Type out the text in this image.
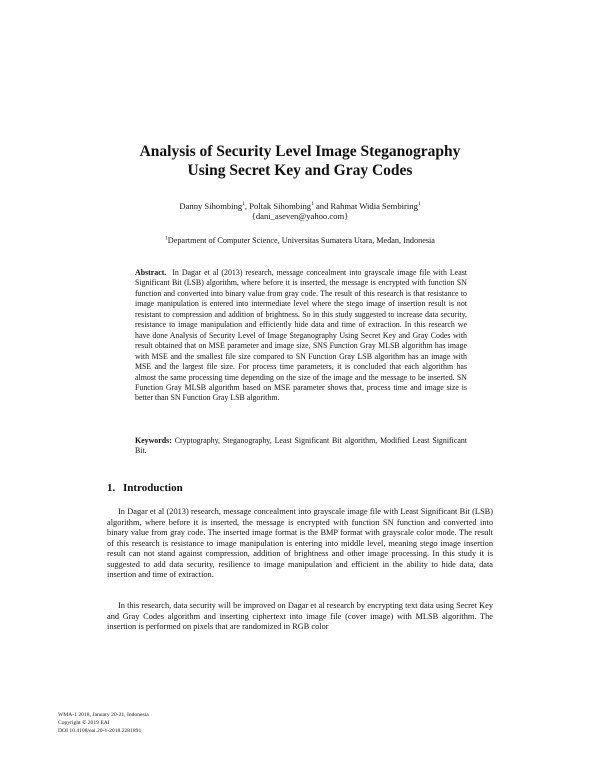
Analysis of Security Level Image Steganography
Using Secret Key and Gray Codes
Danny Sihombing$^1$, Poltak Sihombing$^1$ and Rahmat Widia Sembiring$^1$
{dani_aseven@yahoo.com}
$^1$Department of Computer Science, Universitas Sumatera Utara, Medan, Indonesia

Abstract. In Dagar et al (2013) research, message concealment into grayscale image file with Least Significant Bit (LSB) algorithm, where before it is inserted, the message is encrypted with function SN function and converted into binary value from gray code. The result of this research is that resistance to image manipulation is entered into intermediate level where the stego image of insertion result is not resistant to compression and addition of brightness. So in this study suggested to increase data security, resistance to image manipulation and efficiently hide data and time of extraction. In this research we have done Analysis of Security Level of Image Steganography Using Secret Key and Gray Codes with result obtained that on MSE parameter and image size, SNS Function Gray MLSB algorithm has image with MSE and the smallest file size compared to SN Function Gray LSB algorithm has an image with MSE and the largest file size. For process time parameters, it is concluded that each algorithm has almost the same processing time depending on the size of the image and the message to be inserted. SN Function Gray MLSB algorithm based on MSE parameter shows that, process time and image size is better than SN Function Gray LSB algorithm.

Keywords: Cryptography, Steganography, Least Significant Bit algorithm, Modified Least Significant Bit.

1. Introduction

In Dagar et al (2013) research, message concealment into grayscale image file with Least Significant Bit (LSB) algorithm, where before it is inserted, the message is encrypted with function SN function and converted into binary value from gray code. The inserted image format is the BMP format with grayscale color mode. The result of this research is resistance to image manipulation is entering into middle level, meaning stego image insertion result can not stand against compression, addition of brightness and other image processing. In this study it is suggested to add data security, resilience to image manipulation and efficient in the ability to hide data, data insertion and time of extraction.

In this research, data security will be improved on Dagar et al research by encrypting text data using Secret Key and Gray Codes algorithm and inserting ciphertext into image file (cover image) with MLSB algorithm. The insertion is performed on pixels that are randomized in RGB color

WMA-1 2018, January 20-21, Indonesia
Copyright © 2019 EAI
DOI 10.4108/eai.20-1-2018.2281891
